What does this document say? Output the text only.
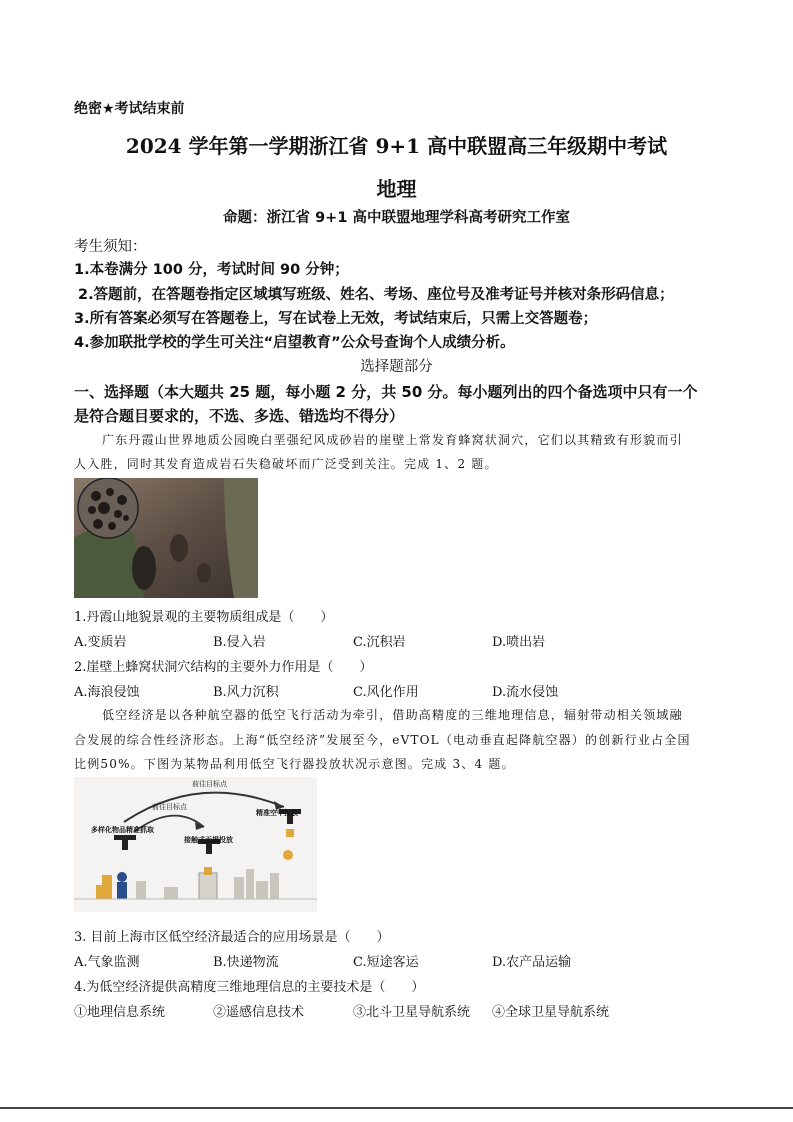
绝密★考试结束前
2024 学年第一学期浙江省 9+1 高中联盟高三年级期中考试
地理
命题：浙江省 9+1 高中联盟地理学科高考研究工作室
考生须知：
1.本卷满分 100 分，考试时间 90 分钟；
2.答题前，在答题卷指定区域填写班级、姓名、考场、座位号及准考证号并核对条形码信息；
3.所有答案必须写在答题卷上，写在试卷上无效，考试结束后，只需上交答题卷；
4.参加联批学校的学生可关注“启望教育”公众号查询个人成绩分析。
选择题部分
一、选择题（本大题共 25 题，每小题 2 分，共 50 分。每小题列出的四个备选项中只有一个
是符合题目要求的，不选、多选、错选均不得分）
广东丹霞山世界地质公园晚白垩强纪风成砂岩的崖壁上常发育蜂窝状洞穴，它们以其精致有形貌而引
人入胜，同时其发育造成岩石失稳破坏而广泛受到关注。完成 1、2 题。
1.丹霞山地貌景观的主要物质组成是（　　）
A.变质岩	B.侵入岩	C.沉积岩	D.喷出岩
2.崖壁上蜂窝状洞穴结构的主要外力作用是（　　）
A.海浪侵蚀	B.风力沉积	C.风化作用	D.流水侵蚀
低空经济是以各种航空器的低空飞行活动为牵引，借助高精度的三维地理信息，辐射带动相关领域融
合发展的综合性经济形态。上海“低空经济”发展至今，eVTOL（电动垂直起降航空器）的创新行业占全国
比例50%。下图为某物品利用低空飞行器投放状况示意图。完成 3、4 题。
前往目标点
前往目标点
多样化物品精准抓取
精准空中投放
接触式无损投放
3. 目前上海市区低空经济最适合的应用场景是（　　）
A.气象监测	B.快递物流	C.短途客运	D.农产品运输
4.为低空经济提供高精度三维地理信息的主要技术是（　　）
①地理信息系统	②遥感信息技术	③北斗卫星导航系统 ④全球卫星导航系统
